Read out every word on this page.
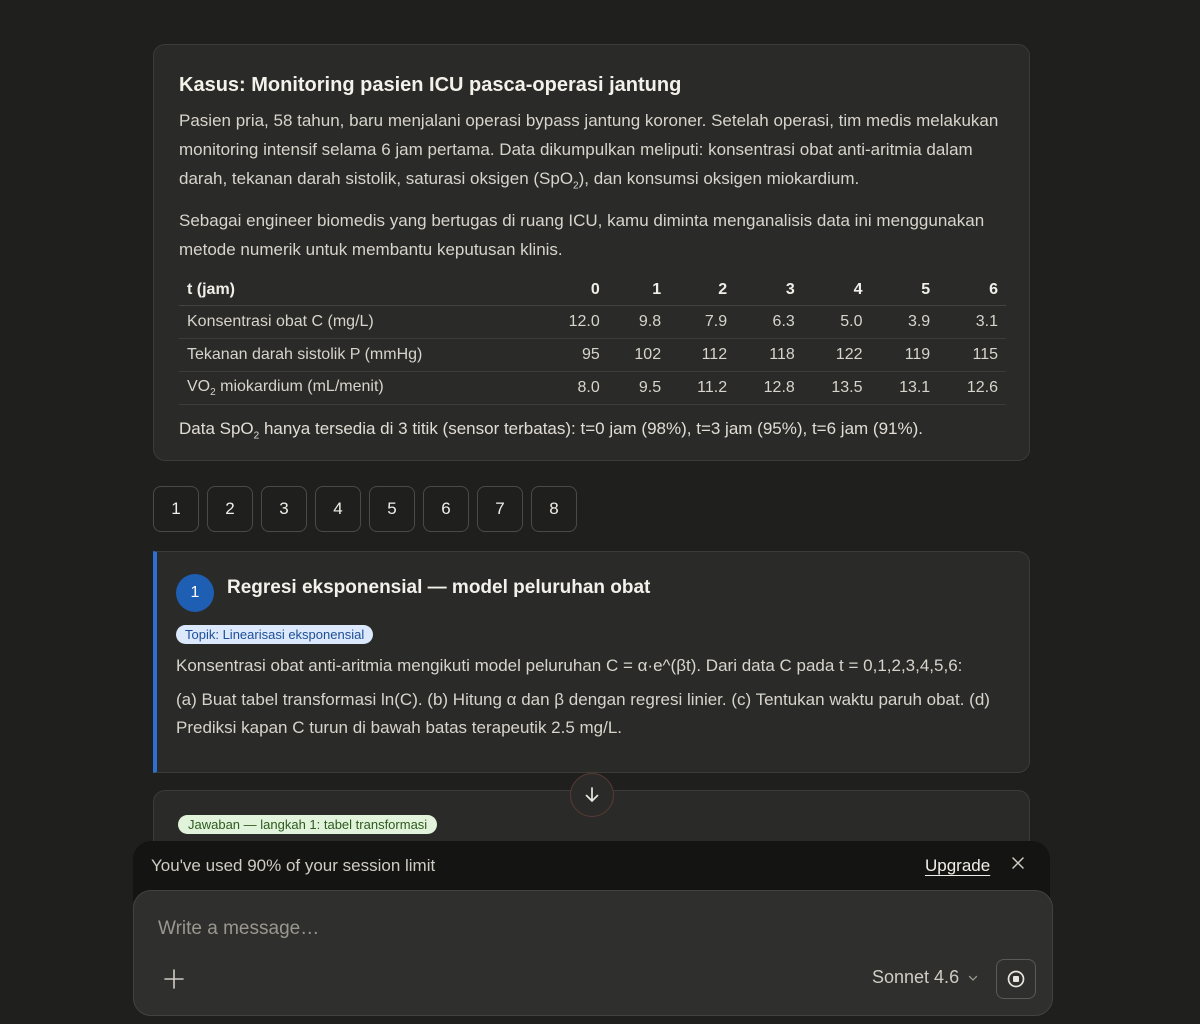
Kasus: Monitoring pasien ICU pasca-operasi jantung

Pasien pria, 58 tahun, baru menjalani operasi bypass jantung koroner. Setelah operasi, tim medis melakukan monitoring intensif selama 6 jam pertama. Data dikumpulkan meliputi: konsentrasi obat anti-aritmia dalam darah, tekanan darah sistolik, saturasi oksigen (SpO$_2$), dan konsumsi oksigen miokardium.

Sebagai engineer biomedis yang bertugas di ruang ICU, kamu diminta menganalisis data ini menggunakan metode numerik untuk membantu keputusan klinis.

t (jam)	0	1	2	3	4	5	6
Konsentrasi obat C (mg/L)	12.0	9.8	7.9	6.3	5.0	3.9	3.1
Tekanan darah sistolik P (mmHg)	95	102	112	118	122	119	115
$VO_2$ miokardium (mL/menit)	8.0	9.5	11.2	12.8	13.5	13.1	12.6

Data SpO$_2$ hanya tersedia di 3 titik (sensor terbatas): t=0 jam (98%), t=3 jam (95%), t=6 jam (91%).

1	2	3	4	5	6	7	8
1	Regresi eksponensial — model peluruhan obat
Topik: Linearisasi eksponensial

Konsentrasi obat anti-aritmia mengikuti model peluruhan C = α·e^(βt). Dari data C pada t = 0,1,2,3,4,5,6:

(a) Buat tabel transformasi ln(C). (b) Hitung α dan β dengan regresi linier. (c) Tentukan waktu paruh obat. (d) Prediksi kapan C turun di bawah batas terapeutik 2.5 mg/L.

Jawaban — langkah 1: tabel transformasi
You've used 90% of your session limit	Upgrade
Write a message…
Sonnet 4.6
